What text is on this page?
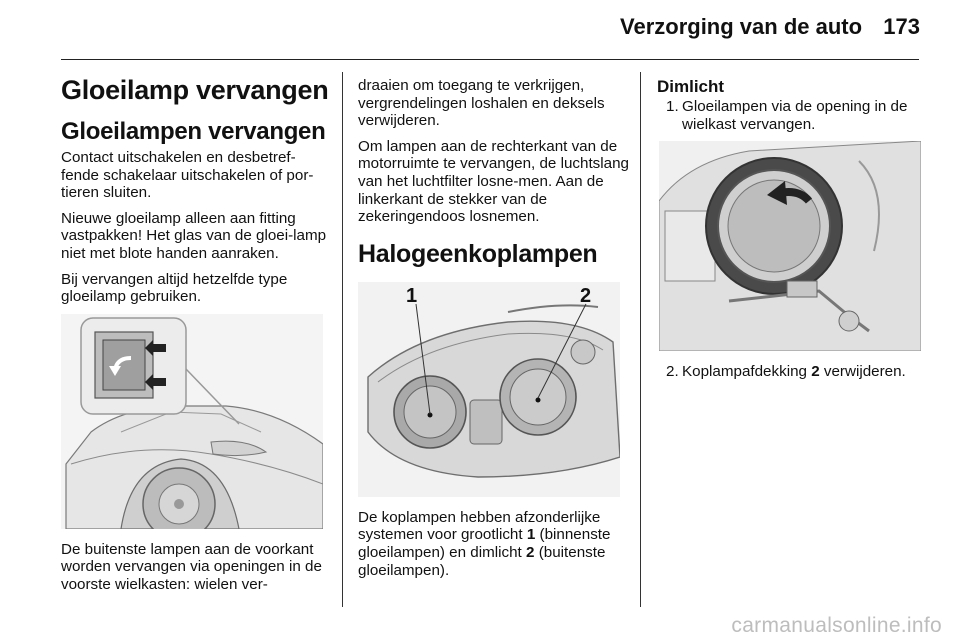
Verzorging van de auto 173
Gloeilamp vervangen
Gloeilampen vervangen

Contact uitschakelen en desbetref-fende schakelaar uitschakelen of por-tieren sluiten.

Nieuwe gloeilamp alleen aan fitting vastpakken! Het glas van de gloei-lamp niet met blote handen aanraken.

Bij vervangen altijd hetzelfde type gloeilamp gebruiken.

De buitenste lampen aan de voorkant worden vervangen via openingen in de voorste wielkasten: wielen ver-

draaien om toegang te verkrijgen, vergrendelingen loshalen en deksels verwijderen.

Om lampen aan de rechterkant van de motorruimte te vervangen, de luchtslang van het luchtfilter losne-men. Aan de linkerkant de stekker van de zekeringendoos losnemen.

Halogeenkoplampen
1	2

De koplampen hebben afzonderlijke systemen voor grootlicht 1 (binnenste gloeilampen) en dimlicht 2 (buitenste gloeilampen).

Dimlicht
1. Gloeilampen via de opening in de wielkast vervangen.
2. Koplampafdekking 2 verwijderen.
carmanualsonline.info
